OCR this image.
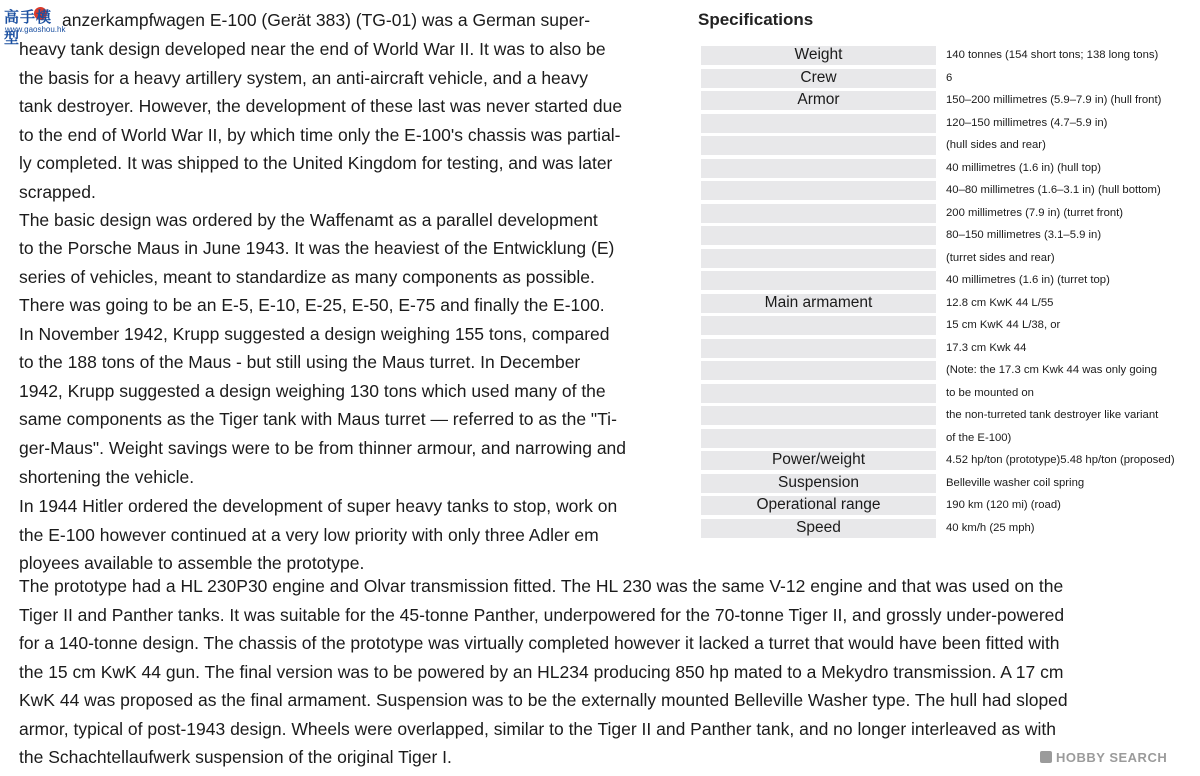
高手模型
www.gaoshou.hk
anzerkampfwagen E-100 (Gerät 383) (TG-01) was a German super-
heavy tank design developed near the end of World War II. It was to also be
the basis for a heavy artillery system, an anti-aircraft vehicle, and a heavy
tank destroyer. However, the development of these last was never started due
to the end of World War II, by which time only the E-100's chassis was partial-
ly completed. It was shipped to the United Kingdom for testing, and was later
scrapped.
The basic design was ordered by the Waffenamt as a parallel development
to the Porsche Maus in June 1943. It was the heaviest of the Entwicklung (E)
series of vehicles, meant to standardize as many components as possible.
There was going to be an E-5, E-10, E-25, E-50, E-75 and finally the E-100.
In November 1942, Krupp suggested a design weighing 155 tons, compared
to the 188 tons of the Maus - but still using the Maus turret. In December
1942, Krupp suggested a design weighing 130 tons which used many of the
same components as the Tiger tank with Maus turret — referred to as the "Ti-
ger-Maus". Weight savings were to be from thinner armour, and narrowing and
shortening the vehicle.
In 1944 Hitler ordered the development of super heavy tanks to stop, work on
the E-100 however continued at a very low priority with only three Adler em
ployees available to assemble the prototype.
The prototype had a HL 230P30 engine and Olvar transmission fitted. The HL 230 was the same V-12 engine and that was used on the
Tiger II and Panther tanks. It was suitable for the 45-tonne Panther, underpowered for the 70-tonne Tiger II, and grossly under-powered
for a 140-tonne design. The chassis of the prototype was virtually completed however it lacked a turret that would have been fitted with
the 15 cm KwK 44 gun. The final version was to be powered by an HL234 producing 850 hp mated to a Mekydro transmission. A 17 cm
KwK 44 was proposed as the final armament. Suspension was to be the externally mounted Belleville Washer type. The hull had sloped
armor, typical of post-1943 design. Wheels were overlapped, similar to the Tiger II and Panther tank, and no longer interleaved as with
the Schachtellaufwerk suspension of the original Tiger I.
Specifications
Weight	140 tonnes (154 short tons; 138 long tons)
Crew	6
Armor	150–200 millimetres (5.9–7.9 in) (hull front)
120–150 millimetres (4.7–5.9 in)
(hull sides and rear)
40 millimetres (1.6 in) (hull top)
40–80 millimetres (1.6–3.1 in) (hull bottom)
200 millimetres (7.9 in) (turret front)
80–150 millimetres (3.1–5.9 in)
(turret sides and rear)
40 millimetres (1.6 in) (turret top)
Main armament	12.8 cm KwK 44 L/55
15 cm KwK 44 L/38, or
17.3 cm Kwk 44
(Note: the 17.3 cm Kwk 44 was only going
to be mounted on
the non-turreted tank destroyer like variant
of the E-100)
Power/weight	4.52 hp/ton (prototype)5.48 hp/ton (proposed)
Suspension	Belleville washer coil spring
Operational range	190 km (120 mi) (road)
Speed	40 km/h (25 mph)
HOBBY SEARCH
